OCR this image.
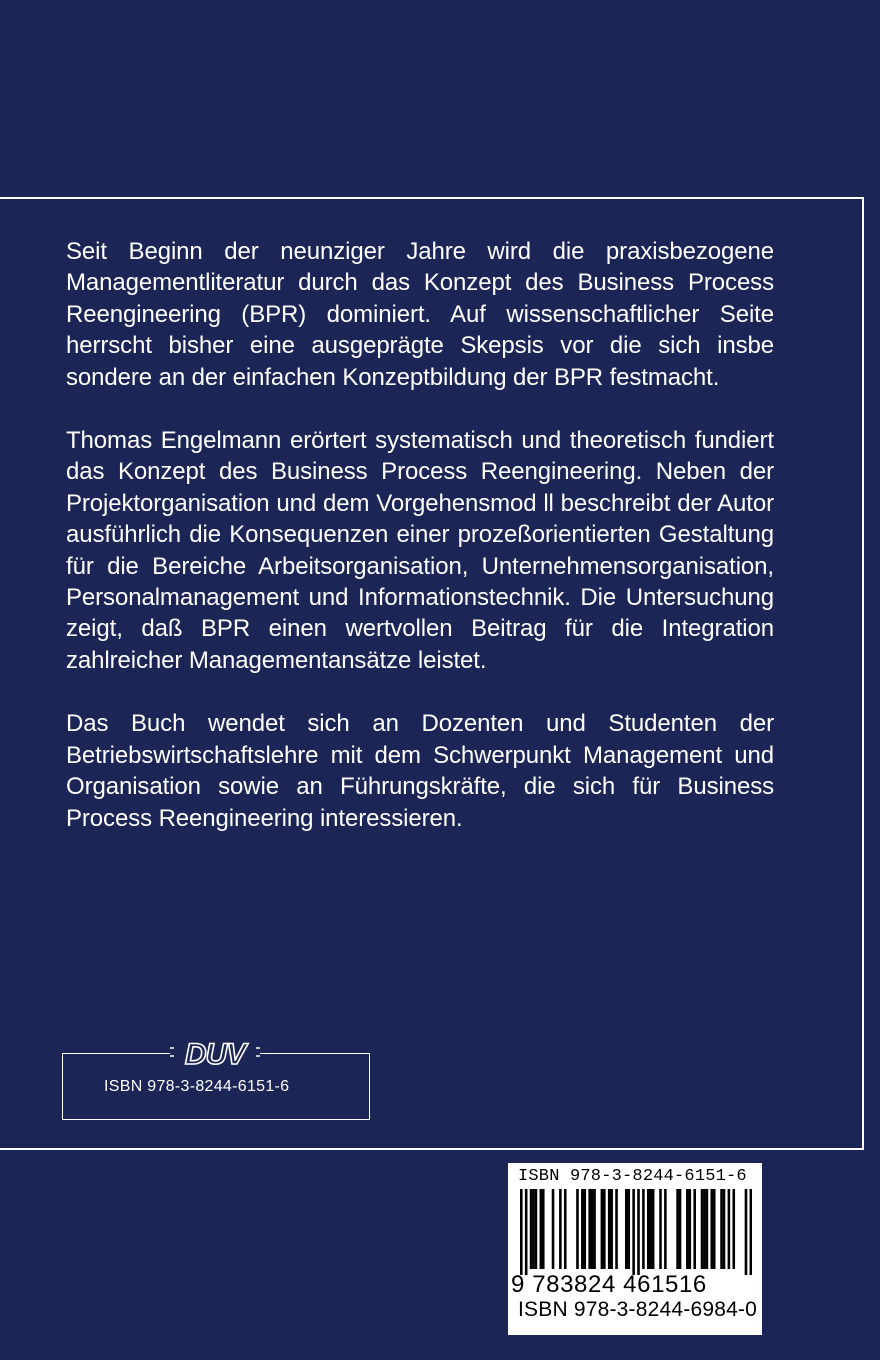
Seit Beginn der neunziger Jahre wird die praxisbezogene Managementliteratur durch das Konzept des Business Process Reengineering (BPR) dominiert. Auf wissenschaftlicher Seite herrscht bisher eine ausgeprägte Skepsis vor die sich insbe sondere an der einfachen Konzeptbildung der BPR festmacht.

Thomas Engelmann erörtert systematisch und theoretisch fundiert das Konzept des Business Process Reengineering. Neben der Projektorganisation und dem Vorgehensmod ll beschreibt der Autor ausführlich die Konsequenzen einer prozeßorientierten Gestaltung für die Bereiche Arbeitsorganisation, Unternehmensorganisation, Personalmanagement und Informationstechnik. Die Untersuchung zeigt, daß BPR einen wertvollen Beitrag für die Integration zahlreicher Managementansätze leistet.

Das Buch wendet sich an Dozenten und Studenten der Betriebswirtschaftslehre mit dem Schwerpunkt Management und Organisation sowie an Führungskräfte, die sich für Business Process Reengineering interessieren.

DUV
ISBN 978-3-8244-6151-6
ISBN 978-3-8244-6151-6
9 783824 461516
ISBN 978-3-8244-6984-0
